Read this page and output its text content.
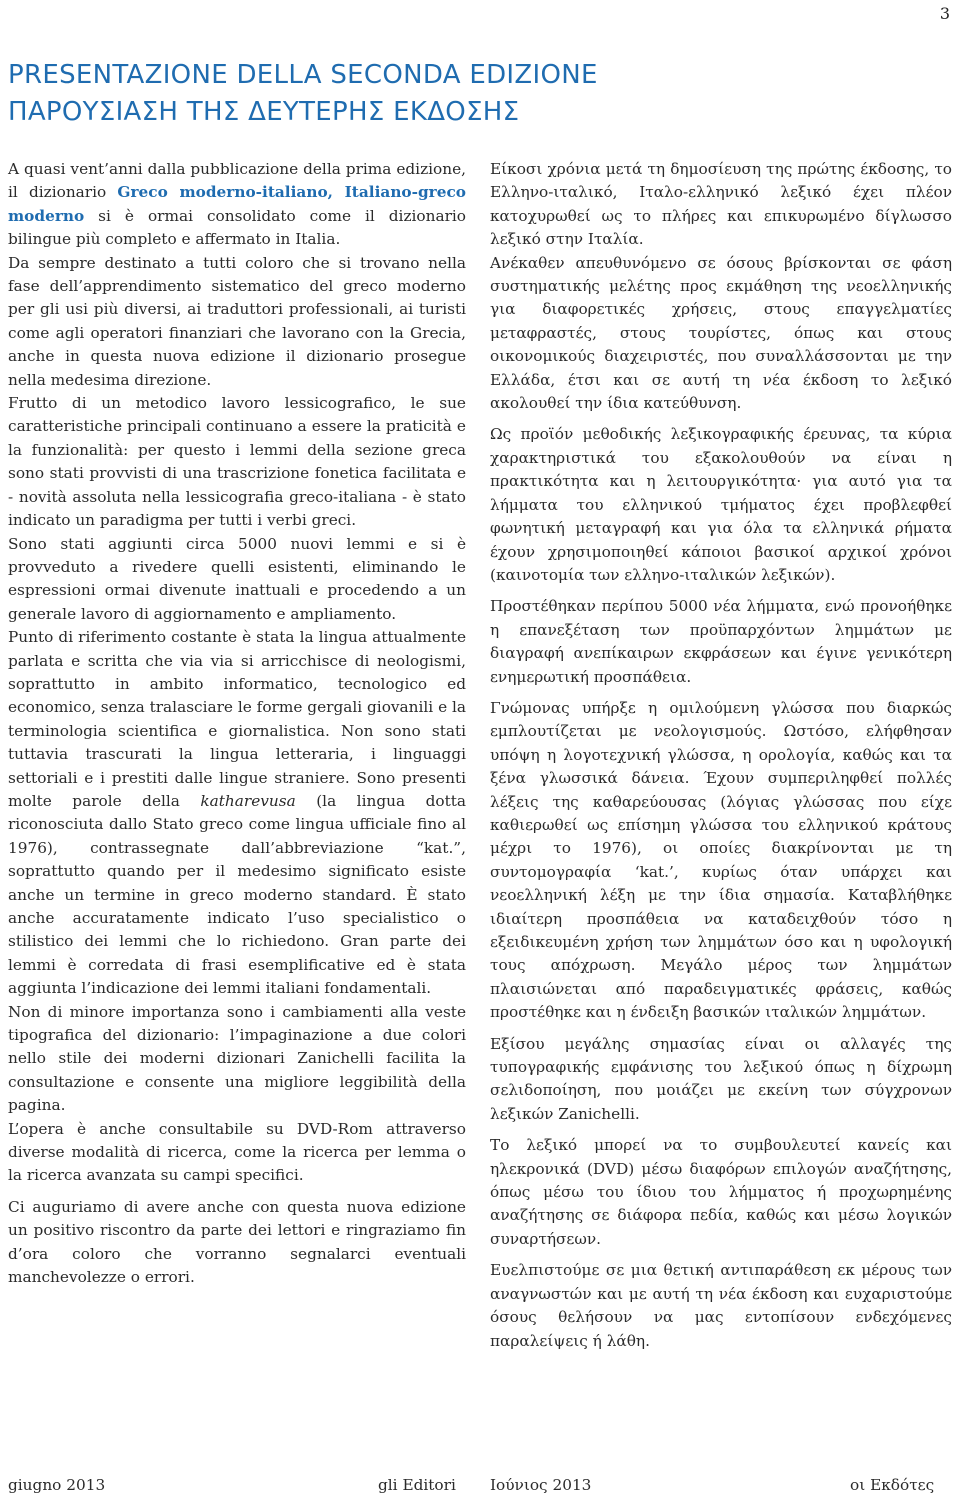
3
PRESENTAZIONE DELLA SECONDA EDIZIONE
ΠΑΡΟΥΣΙΑΣΗ ΤΗΣ ΔΕΥΤΕΡΗΣ ΕΚΔΟΣΗΣ

A quasi vent’anni dalla pubblicazione della prima edizione, il dizionario Greco moderno-italiano, Italiano-greco moderno si è ormai consolidato come il dizionario bilingue più completo e affermato in Italia.

Da sempre destinato a tutti coloro che si trovano nella fase dell’apprendimento sistematico del greco moderno per gli usi più diversi, ai traduttori professionali, ai turisti come agli operatori finanziari che lavorano con la Grecia, anche in questa nuova edizione il dizionario prosegue nella medesima direzione.

Frutto di un metodico lavoro lessicografico, le sue caratteristiche principali continuano a essere la praticità e la funzionalità: per questo i lemmi della sezione greca sono stati provvisti di una trascrizione fonetica facilitata e - novità assoluta nella lessicografia greco-italiana - è stato indicato un paradigma per tutti i verbi greci.

Sono stati aggiunti circa 5000 nuovi lemmi e si è provveduto a rivedere quelli esistenti, eliminando le espressioni ormai divenute inattuali e procedendo a un generale lavoro di aggiornamento e ampliamento.

Punto di riferimento costante è stata la lingua attualmente parlata e scritta che via via si arricchisce di neologismi, soprattutto in ambito informatico, tecnologico ed economico, senza tralasciare le forme gergali giovanili e la terminologia scientifica e giornalistica. Non sono stati tuttavia trascurati la lingua letteraria, i linguaggi settoriali e i prestiti dalle lingue straniere. Sono presenti molte parole della katharevusa (la lingua dotta riconosciuta dallo Stato greco come lingua ufficiale fino al 1976), contrassegnate dall’abbreviazione “kat.”, soprattutto quando per il medesimo significato esiste anche un termine in greco moderno standard. È stato anche accuratamente indicato l’uso specialistico o stilistico dei lemmi che lo richiedono. Gran parte dei lemmi è corredata di frasi esemplificative ed è stata aggiunta l’indicazione dei lemmi italiani fondamentali.

Non di minore importanza sono i cambiamenti alla veste tipografica del dizionario: l’impaginazione a due colori nello stile dei moderni dizionari Zanichelli facilita la consultazione e consente una migliore leggibilità della pagina.

L’opera è anche consultabile su DVD-Rom attraverso diverse modalità di ricerca, come la ricerca per lemma o la ricerca avanzata su campi specifici.

Ci auguriamo di avere anche con questa nuova edizione un positivo riscontro da parte dei lettori e ringraziamo fin d’ora coloro che vorranno segnalarci eventuali manchevolezze o errori.

Είκοσι χρόνια μετά τη δημοσίευση της πρώτης έκδοσης, το Ελληνο-ιταλικό, Ιταλο-ελληνικό λεξικό έχει πλέον κατοχυρωθεί ως το πλήρες και επικυρωμένο δίγλωσσο λεξικό στην Ιταλία.

Ανέκαθεν απευθυνόμενο σε όσους βρίσκονται σε φάση συστηματικής μελέτης προς εκμάθηση της νεοελληνικής για διαφορετικές χρήσεις, στους επαγγελματίες μεταφραστές, στους τουρίστες, όπως και στους οικονομικούς διαχειριστές, που συναλλάσσονται με την Ελλάδα, έτσι και σε αυτή τη νέα έκδοση το λεξικό ακολουθεί την ίδια κατεύθυνση.

Ως προϊόν μεθοδικής λεξικογραφικής έρευνας, τα κύρια χαρακτηριστικά του εξακολουθούν να είναι η πρακτικότητα και η λειτουργικότητα· για αυτό για τα λήμματα του ελληνικού τμήματος έχει προβλεφθεί φωνητική μεταγραφή και για όλα τα ελληνικά ρήματα έχουν χρησιμοποιηθεί κάποιοι βασικοί αρχικοί χρόνοι (καινοτομία των ελληνο-ιταλικών λεξικών).

Προστέθηκαν περίπου 5000 νέα λήμματα, ενώ προνοήθηκε η επανεξέταση των προϋπαρχόντων λημμάτων με διαγραφή ανεπίκαιρων εκφράσεων και έγινε γενικότερη ενημερωτική προσπάθεια.

Γνώμονας υπήρξε η ομιλούμενη γλώσσα που διαρκώς εμπλουτίζεται με νεολογισμούς. Ωστόσο, ελήφθησαν υπόψη η λογοτεχνική γλώσσα, η ορολογία, καθώς και τα ξένα γλωσσικά δάνεια. Έχουν συμπεριληφθεί πολλές λέξεις της καθαρεύουσας (λόγιας γλώσσας που είχε καθιερωθεί ως επίσημη γλώσσα του ελληνικού κράτους μέχρι το 1976), οι οποίες διακρίνονται με τη συντομογραφία ‘kat.’, κυρίως όταν υπάρχει και νεοελληνική λέξη με την ίδια σημασία. Καταβλήθηκε ιδιαίτερη προσπάθεια να καταδειχθούν τόσο η εξειδικευμένη χρήση των λημμάτων όσο και η υφολογική τους απόχρωση. Μεγάλο μέρος των λημμάτων πλαισιώνεται από παραδειγματικές φράσεις, καθώς προστέθηκε και η ένδειξη βασικών ιταλικών λημμάτων.

Εξίσου μεγάλης σημασίας είναι οι αλλαγές της τυπογραφικής εμφάνισης του λεξικού όπως η δίχρωμη σελιδοποίηση, που μοιάζει με εκείνη των σύγχρονων λεξικών Zanichelli.

Το λεξικό μπορεί να το συμβουλευτεί κανείς και ηλεκρονικά (DVD) μέσω διαφόρων επιλογών αναζήτησης, όπως μέσω του ίδιου του λήμματος ή προχωρημένης αναζήτησης σε διάφορα πεδία, καθώς και μέσω λογικών συναρτήσεων.

Ευελπιστούμε σε μια θετική αντιπαράθεση εκ μέρους των αναγνωστών και με αυτή τη νέα έκδοση και ευχαριστούμε όσους θελήσουν να μας εντοπίσουν ενδεχόμενες παραλείψεις ή λάθη.

giugno 2013	gli Editori Ιούνιος 2013	οι Εκδότες
